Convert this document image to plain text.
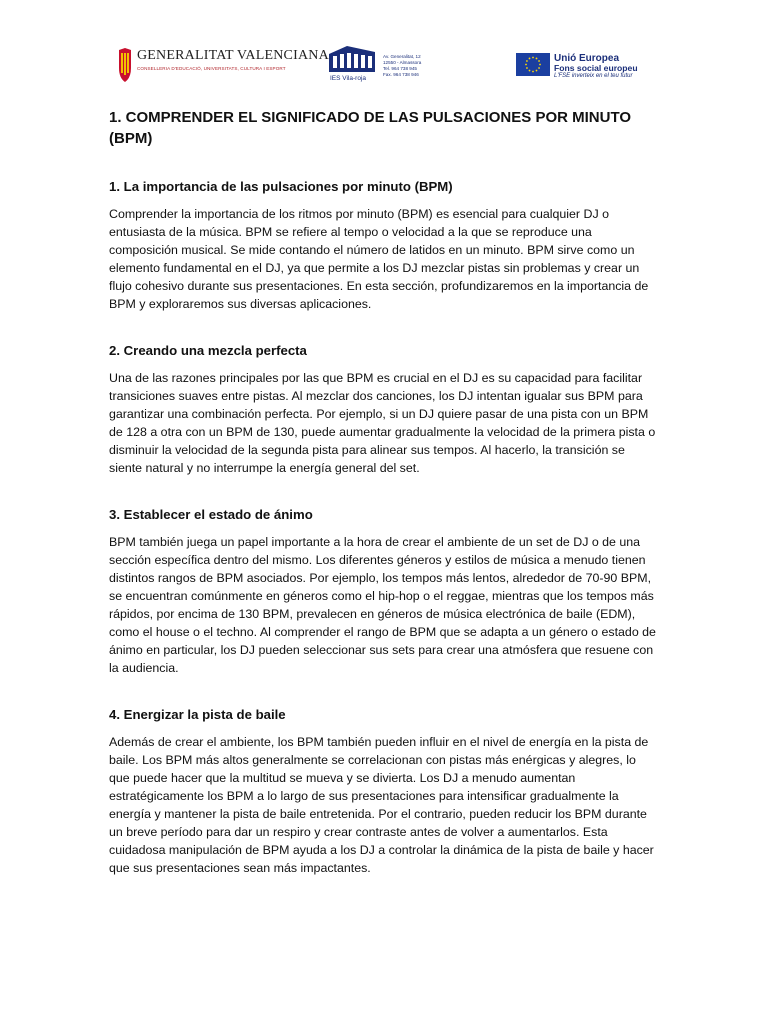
GENERALITAT VALENCIANA
CONSELLERIA D'EDUCACIÓ, UNIVERSITATS, CULTURA I ESPORT
IES Vila-roja
Av. Generalitat, 12
12550 - Almassora
Tel. 964 738 945
Fax. 964 738 946
Unió Europea
Fons social europeu
L'FSE inverteix en el teu futur
1. COMPRENDER EL SIGNIFICADO DE LAS PULSACIONES POR MINUTO (BPM)
1. La importancia de las pulsaciones por minuto (BPM)
Comprender la importancia de los ritmos por minuto (BPM) es esencial para cualquier DJ o entusiasta de la música. BPM se refiere al tempo o velocidad a la que se reproduce una composición musical. Se mide contando el número de latidos en un minuto. BPM sirve como un elemento fundamental en el DJ, ya que permite a los DJ mezclar pistas sin problemas y crear un flujo cohesivo durante sus presentaciones. En esta sección, profundizaremos en la importancia de BPM y exploraremos sus diversas aplicaciones.
2. Creando una mezcla perfecta
Una de las razones principales por las que BPM es crucial en el DJ es su capacidad para facilitar transiciones suaves entre pistas. Al mezclar dos canciones, los DJ intentan igualar sus BPM para garantizar una combinación perfecta. Por ejemplo, si un DJ quiere pasar de una pista con un BPM de 128 a otra con un BPM de 130, puede aumentar gradualmente la velocidad de la primera pista o disminuir la velocidad de la segunda pista para alinear sus tempos. Al hacerlo, la transición se siente natural y no interrumpe la energía general del set.
3. Establecer el estado de ánimo
BPM también juega un papel importante a la hora de crear el ambiente de un set de DJ o de una sección específica dentro del mismo. Los diferentes géneros y estilos de música a menudo tienen distintos rangos de BPM asociados. Por ejemplo, los tempos más lentos, alrededor de 70-90 BPM, se encuentran comúnmente en géneros como el hip-hop o el reggae, mientras que los tempos más rápidos, por encima de 130 BPM, prevalecen en géneros de música electrónica de baile (EDM), como el house o el techno. Al comprender el rango de BPM que se adapta a un género o estado de ánimo en particular, los DJ pueden seleccionar sus sets para crear una atmósfera que resuene con la audiencia.
4. Energizar la pista de baile
Además de crear el ambiente, los BPM también pueden influir en el nivel de energía en la pista de baile. Los BPM más altos generalmente se correlacionan con pistas más enérgicas y alegres, lo que puede hacer que la multitud se mueva y se divierta. Los DJ a menudo aumentan estratégicamente los BPM a lo largo de sus presentaciones para intensificar gradualmente la energía y mantener la pista de baile entretenida. Por el contrario, pueden reducir los BPM durante un breve período para dar un respiro y crear contraste antes de volver a aumentarlos. Esta cuidadosa manipulación de BPM ayuda a los DJ a controlar la dinámica de la pista de baile y hacer que sus presentaciones sean más impactantes.
